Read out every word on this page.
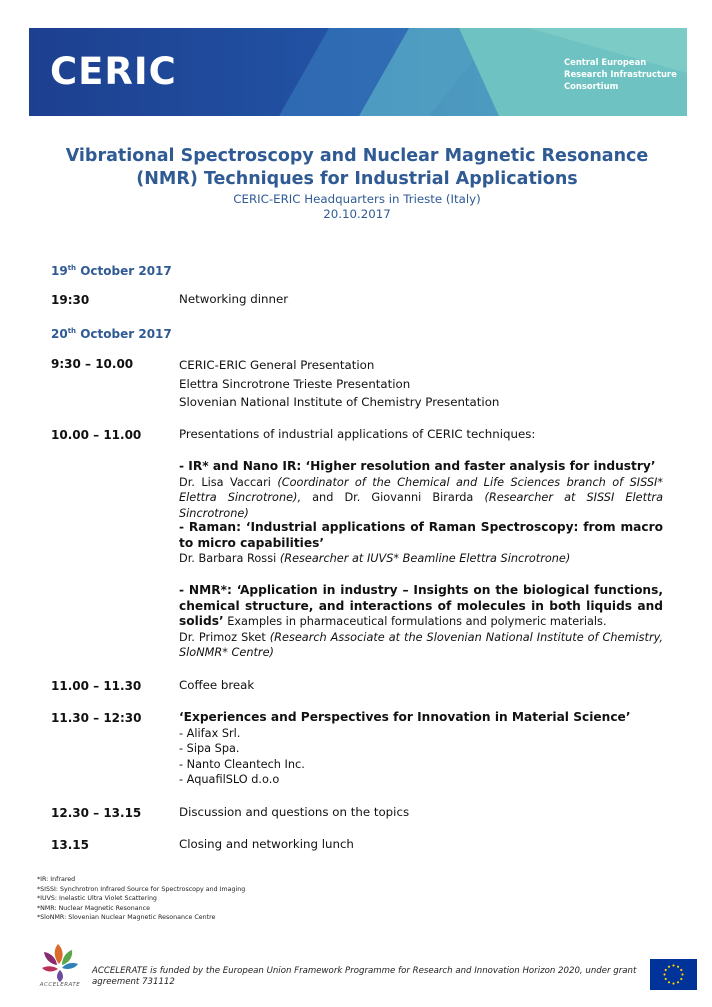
CERIC	Central European
Research Infrastructure
Consortium
Vibrational Spectroscopy and Nuclear Magnetic Resonance
(NMR) Techniques for Industrial Applications
CERIC-ERIC Headquarters in Trieste (Italy)
20.10.2017
19th October 2017
19:30	Networking dinner
20th October 2017
9:30 – 10.00	CERIC-ERIC General Presentation
Elettra Sincrotrone Trieste Presentation
Slovenian National Institute of Chemistry Presentation
10.00 – 11.00	Presentations of industrial applications of CERIC techniques:
- IR* and Nano IR: ‘Higher resolution and faster analysis for industry’
Dr. Lisa Vaccari (Coordinator of the Chemical and Life Sciences branch of SISSI* Elettra Sincrotrone), and Dr. Giovanni Birarda (Researcher at SISSI Elettra Sincrotrone)
- Raman: ‘Industrial applications of Raman Spectroscopy: from macro to micro capabilities’
Dr. Barbara Rossi (Researcher at IUVS* Beamline Elettra Sincrotrone)
- NMR*: ‘Application in industry – Insights on the biological functions, chemical structure, and interactions of molecules in both liquids and solids’ Examples in pharmaceutical formulations and polymeric materials.
Dr. Primoz Sket (Research Associate at the Slovenian National Institute of Chemistry, SloNMR* Centre)
11.00 – 11.30	Coffee break
11.30 – 12:30	‘Experiences and Perspectives for Innovation in Material Science’
- Alifax Srl.
- Sipa Spa.
- Nanto Cleantech Inc.
- AquafilSLO d.o.o
12.30 – 13.15	Discussion and questions on the topics
13.15	Closing and networking lunch
*IR: Infrared
*SISSI: Synchrotron Infrared Source for Spectroscopy and Imaging
*IUVS: Inelastic Ultra Violet Scattering
*NMR: Nuclear Magnetic Resonance
*SloNMR: Slovenian Nuclear Magnetic Resonance Centre
ACCELERATE
ACCELERATE is funded by the European Union Framework Programme for Research and Innovation Horizon 2020, under grant agreement 731112
